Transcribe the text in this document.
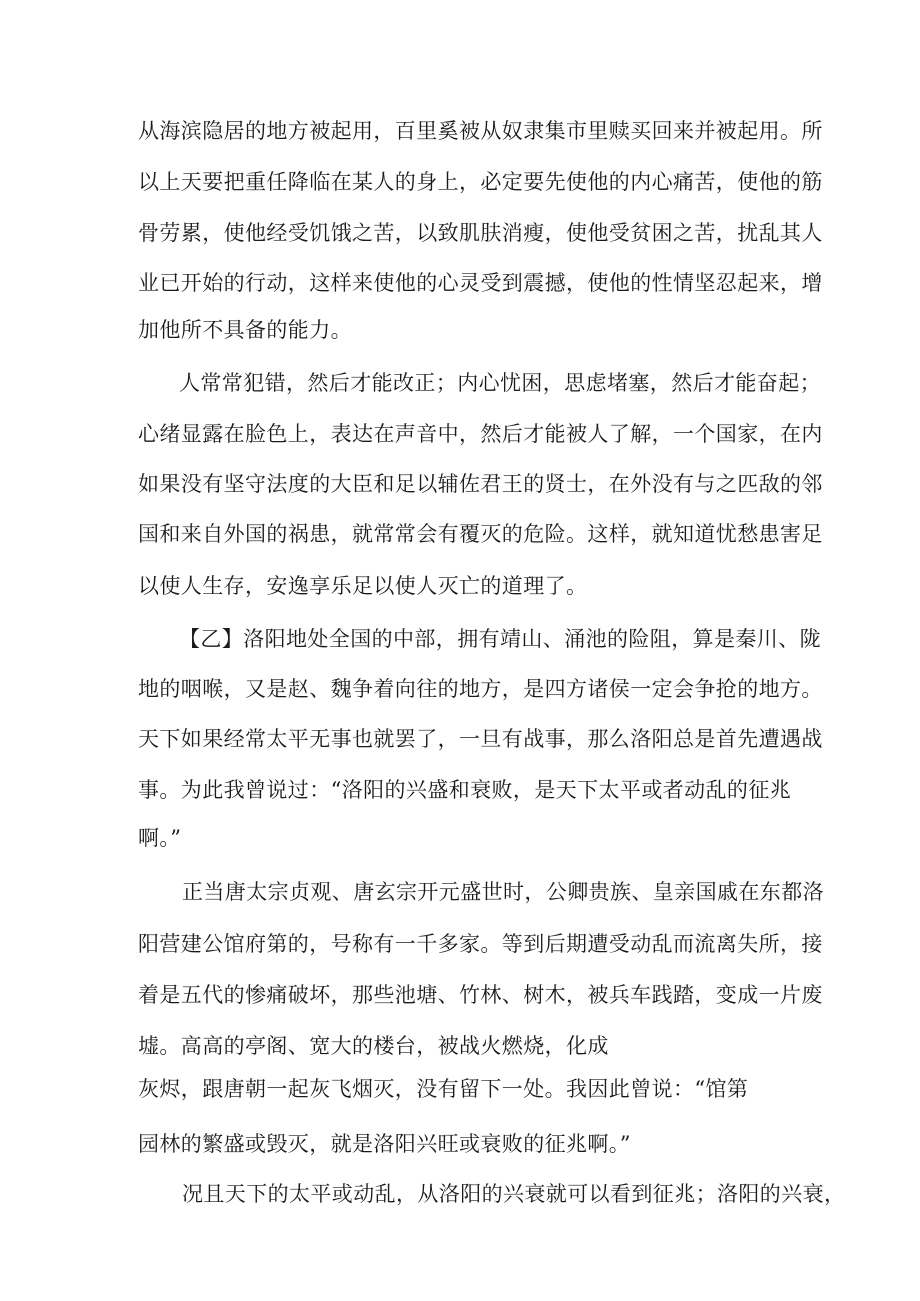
从海滨隐居的地方被起用，百里奚被从奴隶集市里赎买回来并被起用。所
以上天要把重任降临在某人的身上，必定要先使他的内心痛苦，使他的筋
骨劳累，使他经受饥饿之苦，以致肌肤消瘦，使他受贫困之苦，扰乱其人
业已开始的行动，这样来使他的心灵受到震撼，使他的性情坚忍起来，增
加他所不具备的能力。
人常常犯错，然后才能改正；内心忧困，思虑堵塞，然后才能奋起；
心绪显露在脸色上，表达在声音中，然后才能被人了解，一个国家，在内
如果没有坚守法度的大臣和足以辅佐君王的贤士，在外没有与之匹敌的邻
国和来自外国的祸患，就常常会有覆灭的危险。这样，就知道忧愁患害足
以使人生存，安逸享乐足以使人灭亡的道理了。
【乙】洛阳地处全国的中部，拥有靖山、涌池的险阻，算是秦川、陇
地的咽喉，又是赵、魏争着向往的地方，是四方诸侯一定会争抢的地方。
天下如果经常太平无事也就罢了，一旦有战事，那么洛阳总是首先遭遇战
事。为此我曾说过：“洛阳的兴盛和衰败，是天下太平或者动乱的征兆
啊。”
正当唐太宗贞观、唐玄宗开元盛世时，公卿贵族、皇亲国戚在东都洛
阳营建公馆府第的，号称有一千多家。等到后期遭受动乱而流离失所，接
着是五代的惨痛破坏，那些池塘、竹林、树木，被兵车践踏，变成一片废
墟。高高的亭阁、宽大的楼台，被战火燃烧，化成
灰烬，跟唐朝一起灰飞烟灭，没有留下一处。我因此曾说：“馆第
园林的繁盛或毁灭，就是洛阳兴旺或衰败的征兆啊。”
况且天下的太平或动乱，从洛阳的兴衰就可以看到征兆；洛阳的兴衰，
